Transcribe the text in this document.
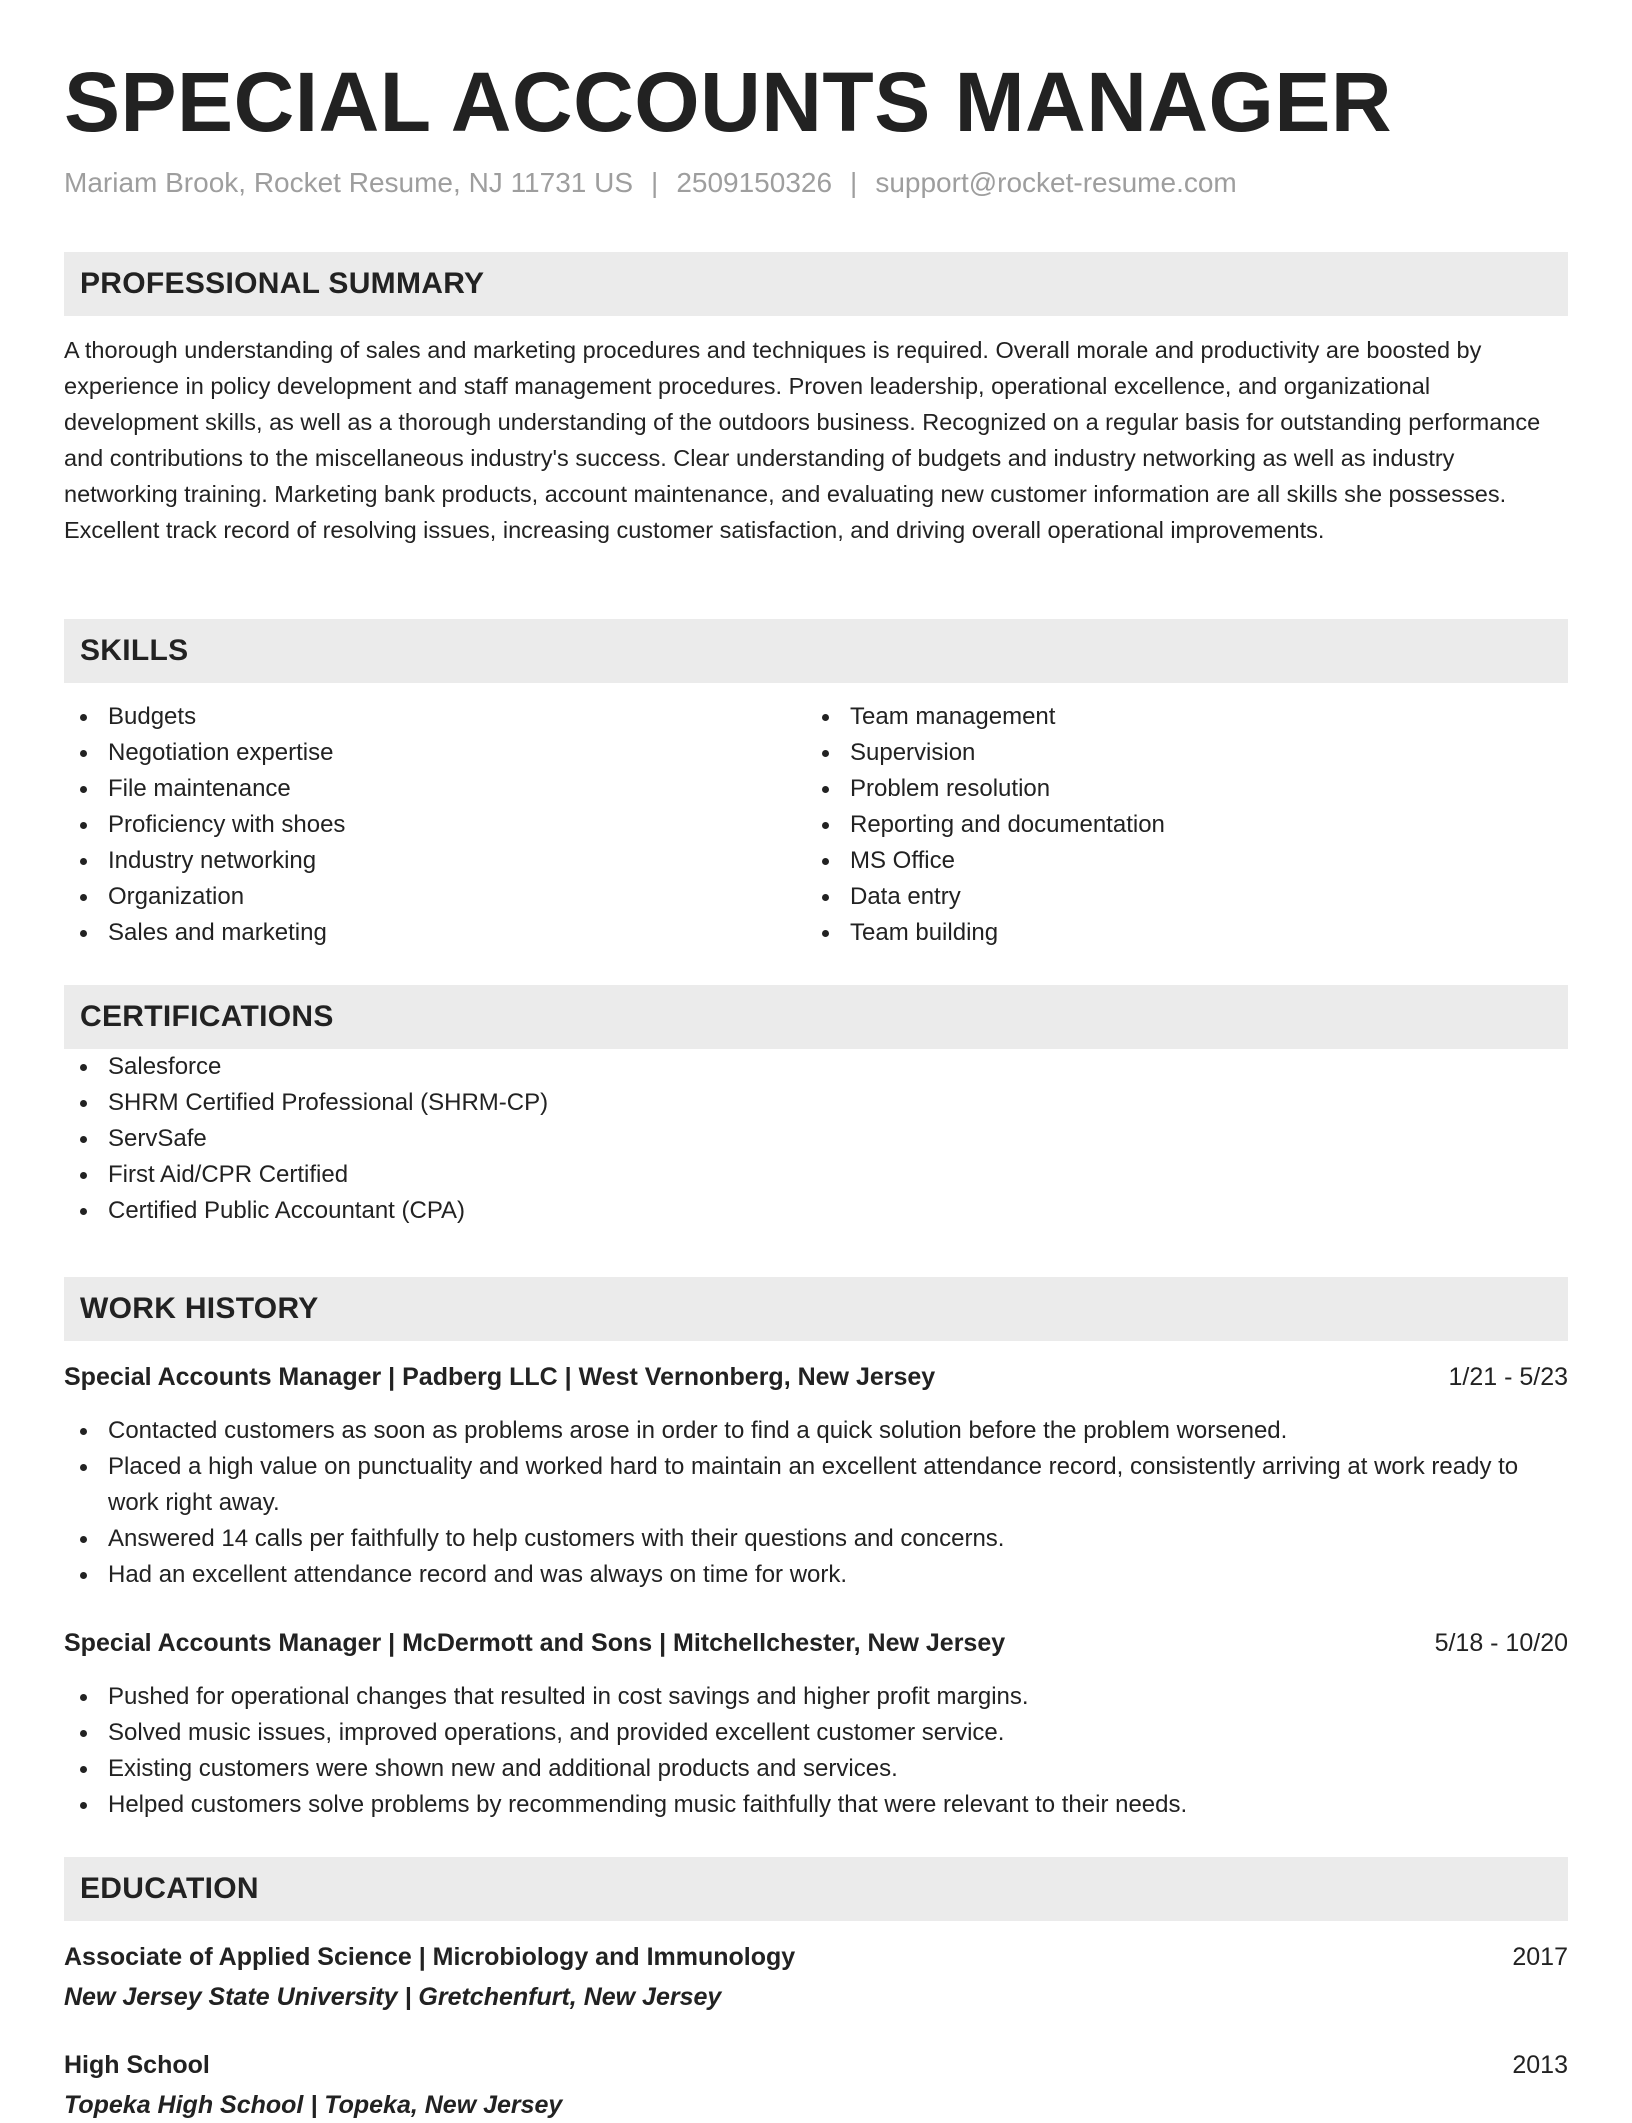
SPECIAL ACCOUNTS MANAGER
Mariam Brook, Rocket Resume, NJ 11731 US | 2509150326 | support@rocket-resume.com
PROFESSIONAL SUMMARY
A thorough understanding of sales and marketing procedures and techniques is required. Overall morale and productivity are boosted by experience in policy development and staff management procedures. Proven leadership, operational excellence, and organizational development skills, as well as a thorough understanding of the outdoors business. Recognized on a regular basis for outstanding performance and contributions to the miscellaneous industry's success. Clear understanding of budgets and industry networking as well as industry networking training. Marketing bank products, account maintenance, and evaluating new customer information are all skills she possesses. Excellent track record of resolving issues, increasing customer satisfaction, and driving overall operational improvements.
SKILLS
Budgets
Negotiation expertise
File maintenance
Proficiency with shoes
Industry networking
Organization
Sales and marketing
Team management
Supervision
Problem resolution
Reporting and documentation
MS Office
Data entry
Team building
CERTIFICATIONS
Salesforce
SHRM Certified Professional (SHRM-CP)
ServSafe
First Aid/CPR Certified
Certified Public Accountant (CPA)
WORK HISTORY
Special Accounts Manager | Padberg LLC | West Vernonberg, New Jersey	1/21 - 5/23
Contacted customers as soon as problems arose in order to find a quick solution before the problem worsened.
Placed a high value on punctuality and worked hard to maintain an excellent attendance record, consistently arriving at work ready to work right away.
Answered 14 calls per faithfully to help customers with their questions and concerns.
Had an excellent attendance record and was always on time for work.
Special Accounts Manager | McDermott and Sons | Mitchellchester, New Jersey	5/18 - 10/20
Pushed for operational changes that resulted in cost savings and higher profit margins.
Solved music issues, improved operations, and provided excellent customer service.
Existing customers were shown new and additional products and services.
Helped customers solve problems by recommending music faithfully that were relevant to their needs.
EDUCATION
Associate of Applied Science | Microbiology and Immunology	2017
New Jersey State University | Gretchenfurt, New Jersey
High School	2013
Topeka High School | Topeka, New Jersey
